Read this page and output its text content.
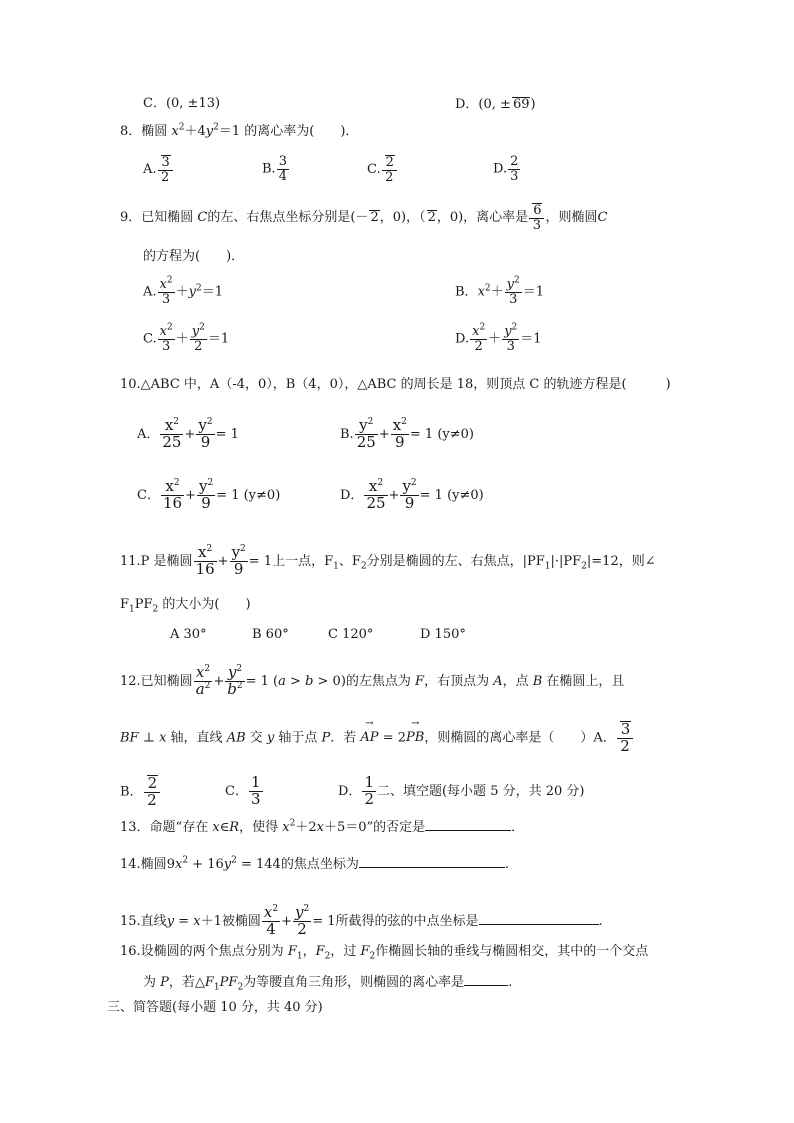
C．(0, ±13)	D．(0, ± 69)
8．椭圆 $x^2+4y^2=1$ 的离心率为(　　)．
A. $\frac{3}{2}$	B. $\frac{3}{4}$	C. $\frac{2}{2}$	D. $\frac{2}{3}$
9．已知椭圆 C的左、右焦点坐标分别是(－ 2，0)，（ 2，0)，离心率是 $\frac{6}{3}$ ，则椭圆C
的方程为(　　)．
A. $\frac{x^2}{3} +y^2=1$	B．$x^2+ \frac{y^2}{3} =1$
C. $\frac{x^2}{3} + \frac{y^2}{2} =1$	D. $\frac{x^2}{2} + \frac{y^2}{3} =1$
10.△ABC 中，A（-4，0），B（4，0），△ABC 的周长是 18，则顶点 C 的轨迹方程是(　　　)
A． $\frac{x^2}{25} + \frac{y^2}{9} = 1$	B. $\frac{y^2}{25} + \frac{x^2}{9} = 1$ (y≠0)
C． $\frac{x^2}{16} + \frac{y^2}{9} = 1$ (y≠0)	D． $\frac{x^2}{25} + \frac{y^2}{9} = 1$ (y≠0)
11.P 是椭圆 $\frac{x^2}{16} + \frac{y^2}{9} = 1$上一点，$F_1$、$F_2$分别是椭圆的左、右焦点，$|PF_1|\cdot|PF_2|=12$，则∠
$F_1PF_2$ 的大小为(　　)
A 30°	B 60°	C 120°	D 150°
12.已知椭圆 $\frac{x^2}{a^2} + \frac{y^2}{b^2} = 1$ (a > b > 0)的左焦点为 F，右顶点为 A，点 B 在椭圆上，且
BF ⊥ x 轴，直线 AB 交 y 轴于点 P．若 → AP = 2→ PB，则椭圆的离心率是（　　）A． $\frac{3}{2}$
B． $\frac{2}{2}$	C． $\frac{1}{3}$	D． $\frac{1}{2}$ 二、填空题(每小题 5 分，共 20 分)
13．命题“存在 x∈R，使得 $x^2+2x+5=0$”的否定是	．
14.椭圆$9x^2 + 16y^2 = 144$的焦点坐标为	.
15.直线y = x＋1被椭圆 $\frac{x^2}{4} + \frac{y^2}{2} = 1$所截得的弦的中点坐标是	.
16.设椭圆的两个焦点分别为 $F_1$，$F_2$，过 $F_2$作椭圆长轴的垂线与椭圆相交，其中的一个交点
为 P，若$\triangle F_1PF_2$为等腰直角三角形，则椭圆的离心率是	.
三、简答题(每小题 10 分，共 40 分)
